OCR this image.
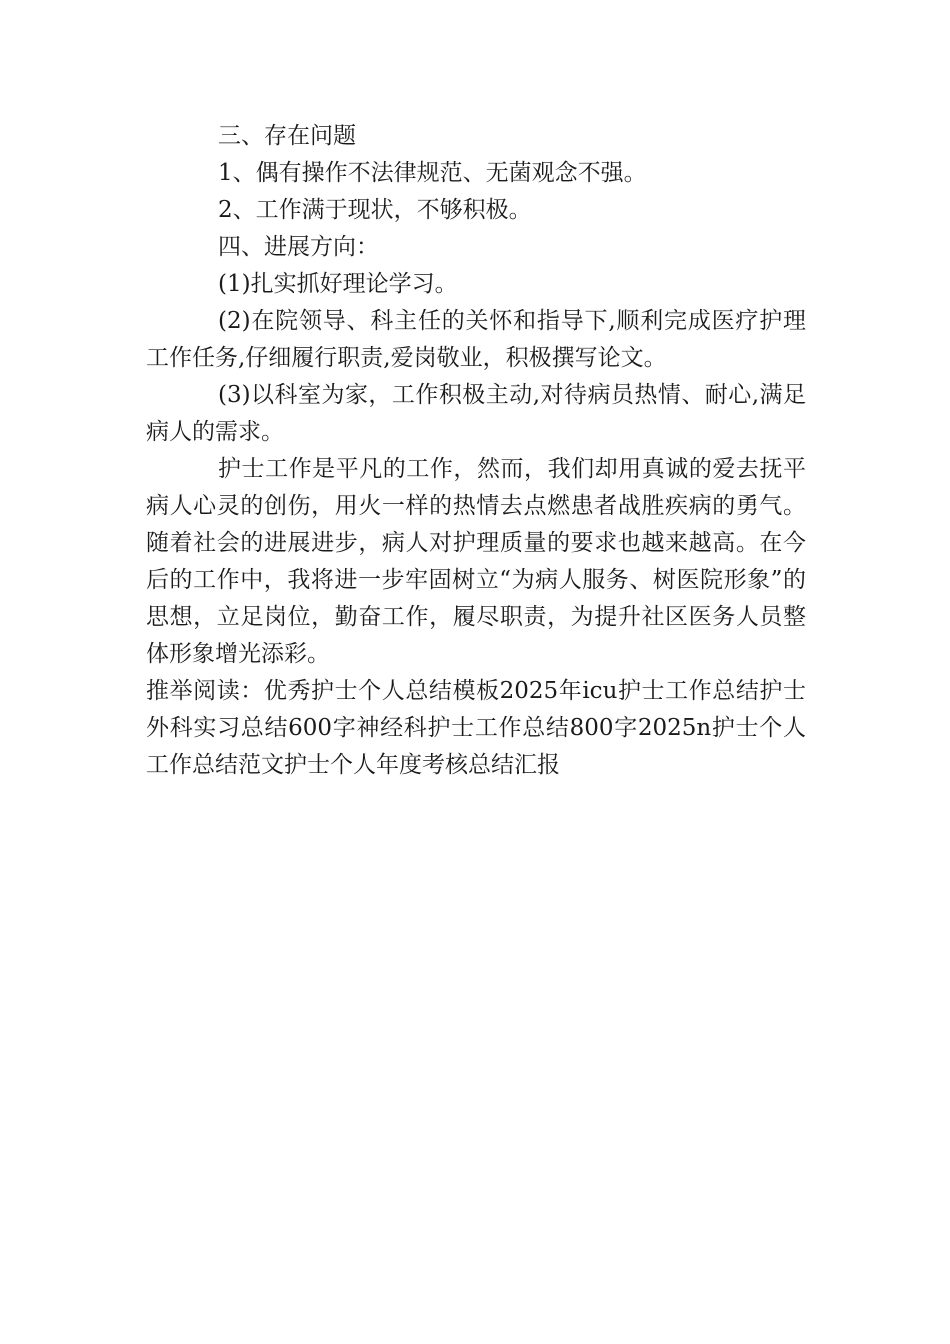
三、存在问题

1、偶有操作不法律规范、无菌观念不强。

2、工作满于现状，不够积极。

四、进展方向：

(1)扎实抓好理论学习。

(2)在院领导、科主任的关怀和指导下,顺利完成医疗护理工作任务,仔细履行职责,爱岗敬业，积极撰写论文。

(3)以科室为家，工作积极主动,对待病员热情、耐心,满足病人的需求。

护士工作是平凡的工作，然而，我们却用真诚的爱去抚平病人心灵的创伤，用火一样的热情去点燃患者战胜疾病的勇气。随着社会的进展进步，病人对护理质量的要求也越来越高。在今后的工作中，我将进一步牢固树立“为病人服务、树医院形象”的思想，立足岗位，勤奋工作，履尽职责，为提升社区医务人员整体形象增光添彩。

推举阅读：优秀护士个人总结模板2025年icu护士工作总结护士外科实习总结600字神经科护士工作总结800字2025n护士个人工作总结范文护士个人年度考核总结汇报
